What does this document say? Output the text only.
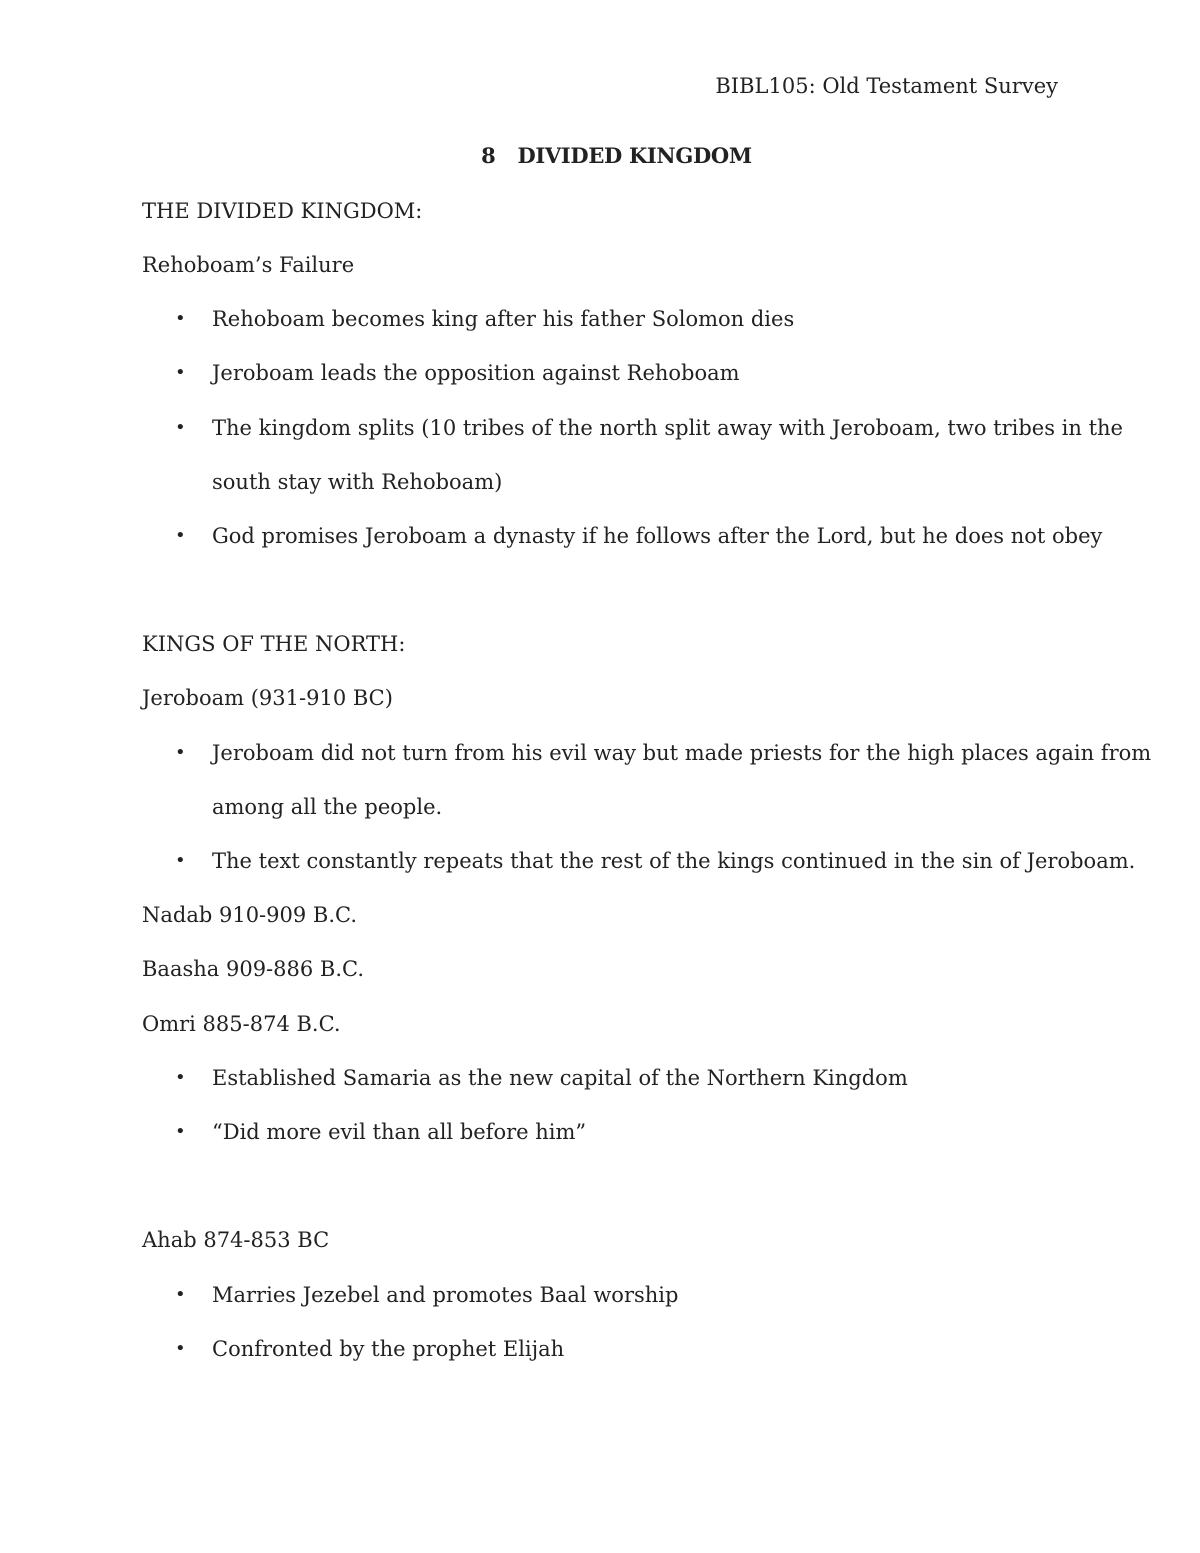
BIBL105: Old Testament Survey
8 DIVIDED KINGDOM
THE DIVIDED KINGDOM:
Rehoboam’s Failure
• Rehoboam becomes king after his father Solomon dies
• Jeroboam leads the opposition against Rehoboam
• The kingdom splits (10 tribes of the north split away with Jeroboam, two tribes in the
south stay with Rehoboam)
• God promises Jeroboam a dynasty if he follows after the Lord, but he does not obey
KINGS OF THE NORTH:
Jeroboam (931-910 BC)
• Jeroboam did not turn from his evil way but made priests for the high places again from
among all the people.
• The text constantly repeats that the rest of the kings continued in the sin of Jeroboam.
Nadab 910-909 B.C.
Baasha 909-886 B.C.
Omri 885-874 B.C.
• Established Samaria as the new capital of the Northern Kingdom
• “Did more evil than all before him”
Ahab 874-853 BC
• Marries Jezebel and promotes Baal worship
• Confronted by the prophet Elijah
